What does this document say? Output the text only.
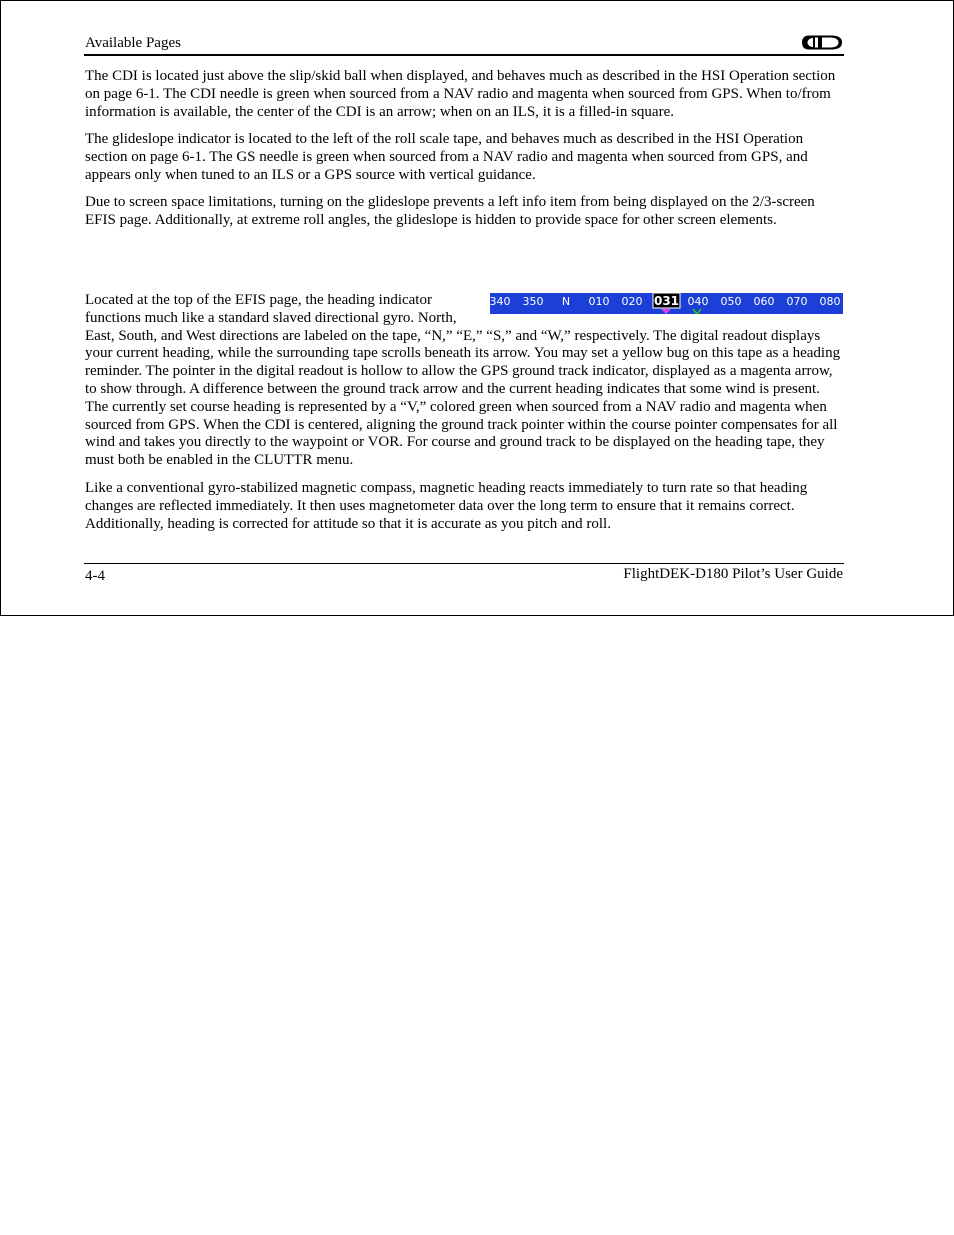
Available Pages

The CDI is located just above the slip/skid ball when displayed, and behaves much as described in the HSI Operation section on page 6-1. The CDI needle is green when sourced from a NAV radio and magenta when sourced from GPS. When to/from information is available, the center of the CDI is an arrow; when on an ILS, it is a filled-in square.

The glideslope indicator is located to the left of the roll scale tape, and behaves much as described in the HSI Operation section on page 6-1. The GS needle is green when sourced from a NAV radio and magenta when sourced from GPS, and appears only when tuned to an ILS or a GPS source with vertical guidance.

Due to screen space limitations, turning on the glideslope prevents a left info item from being displayed on the 2/3-screen EFIS page. Additionally, at extreme roll angles, the glideslope is hidden to provide space for other screen elements.

340 350 N 010 020	040 050 060 070 080
031
Located at the top of the EFIS page, the heading indicator functions much like a standard slaved directional gyro. North, East, South, and West directions are labeled on the tape, “N,” “E,” “S,” and “W,” respectively. The digital readout displays your current heading, while the surrounding tape scrolls beneath its arrow. You may set a yellow bug on this tape as a heading reminder. The pointer in the digital readout is hollow to allow the GPS ground track indicator, displayed as a magenta arrow, to show through. A difference between the ground track arrow and the current heading indicates that some wind is present. The currently set course heading is represented by a “V,” colored green when sourced from a NAV radio and magenta when sourced from GPS. When the CDI is centered, aligning the ground track pointer within the course pointer compensates for all wind and takes you directly to the waypoint or VOR. For course and ground track to be displayed on the heading tape, they must both be enabled in the CLUTTR menu.

Like a conventional gyro-stabilized magnetic compass, magnetic heading reacts immediately to turn rate so that heading changes are reflected immediately. It then uses magnetometer data over the long term to ensure that it remains correct. Additionally, heading is corrected for attitude so that it is accurate as you pitch and roll.

4-4	FlightDEK-D180 Pilot’s User Guide
